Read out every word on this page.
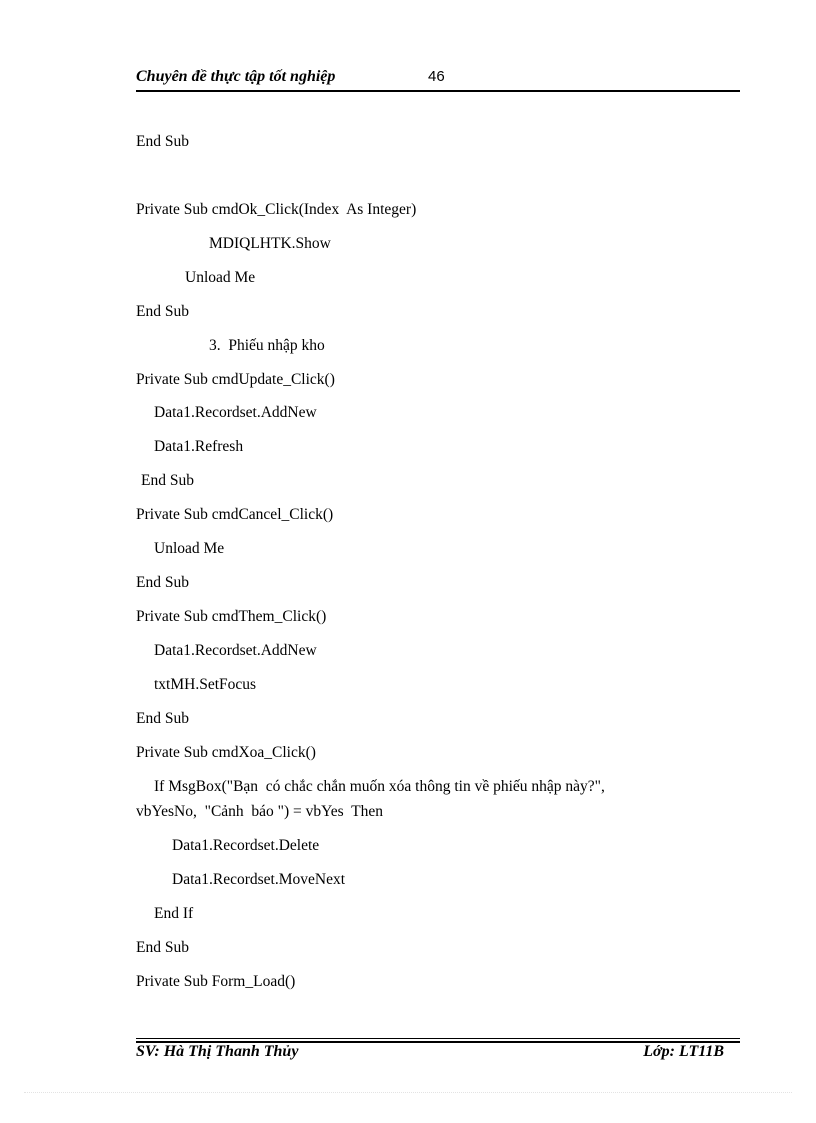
Chuyên đề thực tập tốt nghiệp	46
End Sub
Private Sub cmdOk_Click(Index  As Integer)
MDIQLHTK.Show
Unload Me
End Sub
3.  Phiếu nhập kho
Private Sub cmdUpdate_Click()
Data1.Recordset.AddNew
Data1.Refresh
End Sub
Private Sub cmdCancel_Click()
Unload Me
End Sub
Private Sub cmdThem_Click()
Data1.Recordset.AddNew
txtMH.SetFocus
End Sub
Private Sub cmdXoa_Click()
If MsgBox("Bạn  có chắc chắn muốn xóa thông tin về phiếu nhập này?",
vbYesNo,  "Cảnh  báo ") = vbYes  Then
Data1.Recordset.Delete
Data1.Recordset.MoveNext
End If
End Sub
Private Sub Form_Load()
SV: Hà Thị Thanh Thủy	Lớp: LT11B
